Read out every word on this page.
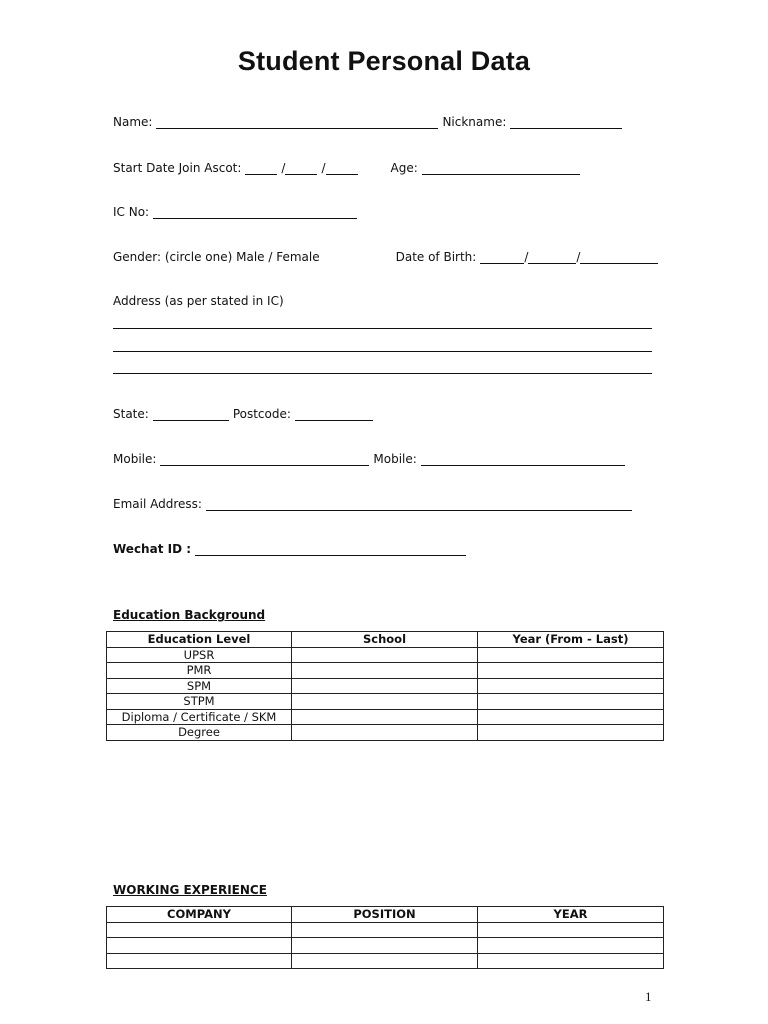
Student Personal Data
Name:	Nickname:
Start Date Join Ascot:	/	/	Age:
IC No:
Gender: (circle one) Male / Female	Date of Birth:	/	/
Address (as per stated in IC)
State:	Postcode:
Mobile:	Mobile:
Email Address:
Wechat ID :
Education Background
Education Level	School	Year (From - Last)
UPSR		
PMR		
SPM		
STPM		
Diploma / Certificate / SKM		
Degree		
WORKING EXPERIENCE
COMPANY	POSITION	YEAR

1
